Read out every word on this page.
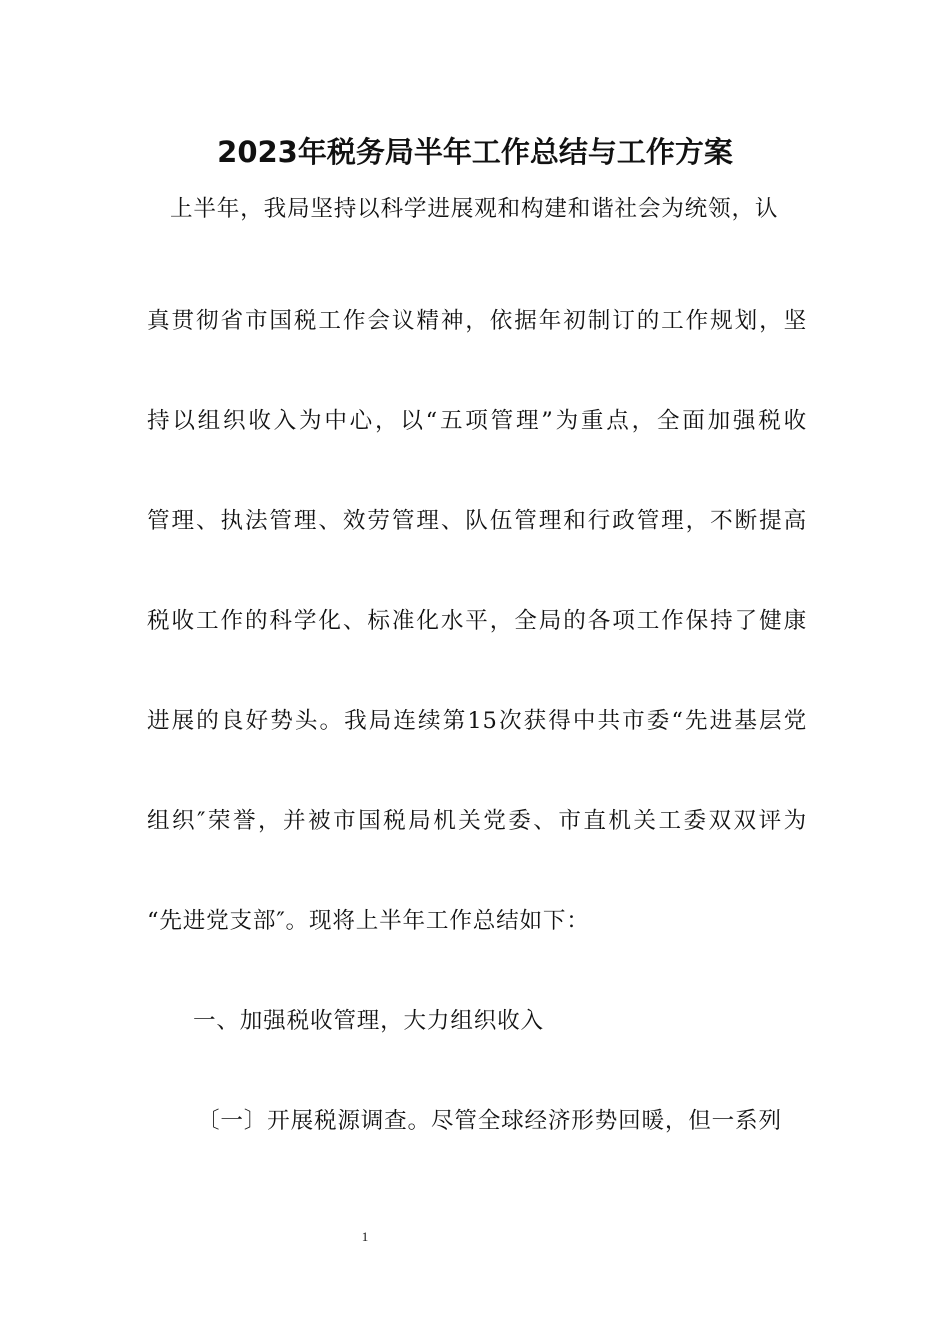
2023年税务局半年工作总结与工作方案

上半年，我局坚持以科学进展观和构建和谐社会为统领，认

真贯彻省市国税工作会议精神，依据年初制订的工作规划，坚

持以组织收入为中心，以“五项管理”为重点，全面加强税收

管理、执法管理、效劳管理、队伍管理和行政管理，不断提高

税收工作的科学化、标准化水平，全局的各项工作保持了健康

进展的良好势头。我局连续第15次获得中共市委“先进基层党

组织″荣誉，并被市国税局机关党委、市直机关工委双双评为

“先进党支部″。现将上半年工作总结如下：

一、加强税收管理，大力组织收入

〔一〕开展税源调查。尽管全球经济形势回暖，但一系列

1
